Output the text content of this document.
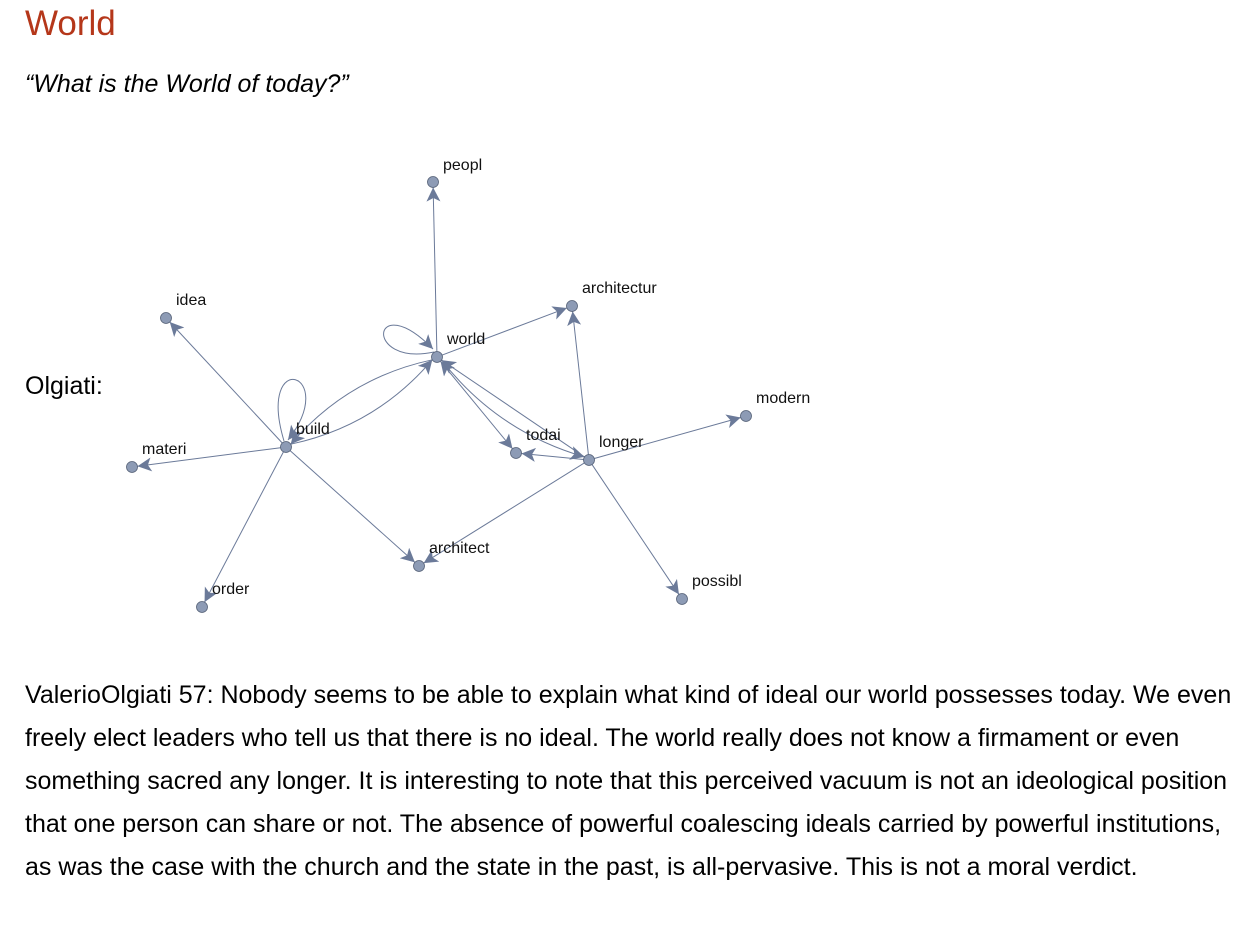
World

“What is the World of today?”

Olgiati:
peopl
idea
architectur
world
modern
build	todai longer
materi
architect
possibl
order

ValerioOlgiati 57: Nobody seems to be able to explain what kind of ideal our world possesses today. We even freely elect leaders who tell us that there is no ideal. The world really does not know a firmament or even something sacred any longer. It is interesting to note that this perceived vacuum is not an ideological position that one person can share or not. The absence of powerful coalescing ideals carried by powerful institutions, as was the case with the church and the state in the past, is all-pervasive. This is not a moral verdict.
